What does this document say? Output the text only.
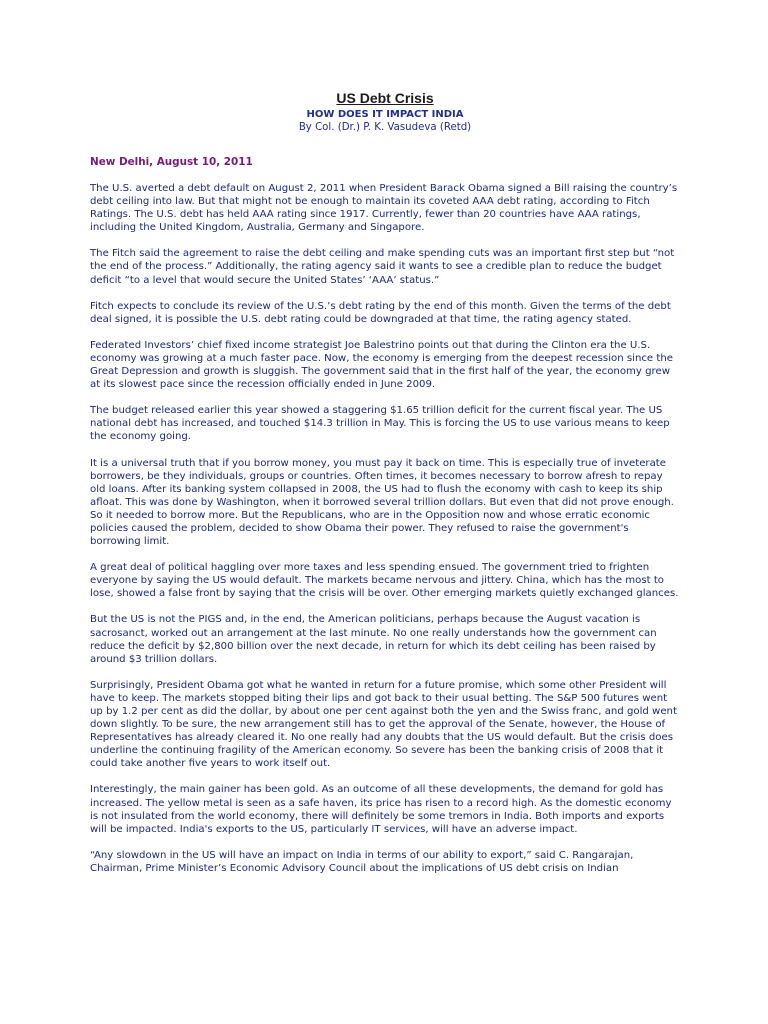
US Debt Crisis
HOW DOES IT IMPACT INDIA
By Col. (Dr.) P. K. Vasudeva (Retd)
New Delhi, August 10, 2011

The U.S. averted a debt default on August 2, 2011 when President Barack Obama signed a Bill raising the country’s debt ceiling into law. But that might not be enough to maintain its coveted AAA debt rating, according to Fitch Ratings. The U.S. debt has held AAA rating since 1917. Currently, fewer than 20 countries have AAA ratings, including the United Kingdom, Australia, Germany and Singapore.

The Fitch said the agreement to raise the debt ceiling and make spending cuts was an important first step but “not the end of the process.” Additionally, the rating agency said it wants to see a credible plan to reduce the budget deficit “to a level that would secure the United States’ ‘AAA’ status.”

Fitch expects to conclude its review of the U.S.’s debt rating by the end of this month. Given the terms of the debt deal signed, it is possible the U.S. debt rating could be downgraded at that time, the rating agency stated.

Federated Investors’ chief fixed income strategist Joe Balestrino points out that during the Clinton era the U.S. economy was growing at a much faster pace. Now, the economy is emerging from the deepest recession since the Great Depression and growth is sluggish. The government said that in the first half of the year, the economy grew at its slowest pace since the recession officially ended in June 2009.

The budget released earlier this year showed a staggering $1.65 trillion deficit for the current fiscal year. The US national debt has increased, and touched $14.3 trillion in May. This is forcing the US to use various means to keep the economy going.

It is a universal truth that if you borrow money, you must pay it back on time. This is especially true of inveterate borrowers, be they individuals, groups or countries. Often times, it becomes necessary to borrow afresh to repay old loans. After its banking system collapsed in 2008, the US had to flush the economy with cash to keep its ship afloat. This was done by Washington, when it borrowed several trillion dollars. But even that did not prove enough. So it needed to borrow more. But the Republicans, who are in the Opposition now and whose erratic economic policies caused the problem, decided to show Obama their power. They refused to raise the government's borrowing limit.

A great deal of political haggling over more taxes and less spending ensued. The government tried to frighten everyone by saying the US would default. The markets became nervous and jittery. China, which has the most to lose, showed a false front by saying that the crisis will be over. Other emerging markets quietly exchanged glances.

But the US is not the PIGS and, in the end, the American politicians, perhaps because the August vacation is sacrosanct, worked out an arrangement at the last minute. No one really understands how the government can reduce the deficit by $2,800 billion over the next decade, in return for which its debt ceiling has been raised by around $3 trillion dollars.

Surprisingly, President Obama got what he wanted in return for a future promise, which some other President will have to keep. The markets stopped biting their lips and got back to their usual betting. The S&P 500 futures went up by 1.2 per cent as did the dollar, by about one per cent against both the yen and the Swiss franc, and gold went down slightly. To be sure, the new arrangement still has to get the approval of the Senate, however, the House of Representatives has already cleared it. No one really had any doubts that the US would default. But the crisis does underline the continuing fragility of the American economy. So severe has been the banking crisis of 2008 that it could take another five years to work itself out.

Interestingly, the main gainer has been gold. As an outcome of all these developments, the demand for gold has increased. The yellow metal is seen as a safe haven, its price has risen to a record high. As the domestic economy is not insulated from the world economy, there will definitely be some tremors in India. Both imports and exports will be impacted. India's exports to the US, particularly IT services, will have an adverse impact.

“Any slowdown in the US will have an impact on India in terms of our ability to export,” said C. Rangarajan, Chairman, Prime Minister’s Economic Advisory Council about the implications of US debt crisis on Indian
